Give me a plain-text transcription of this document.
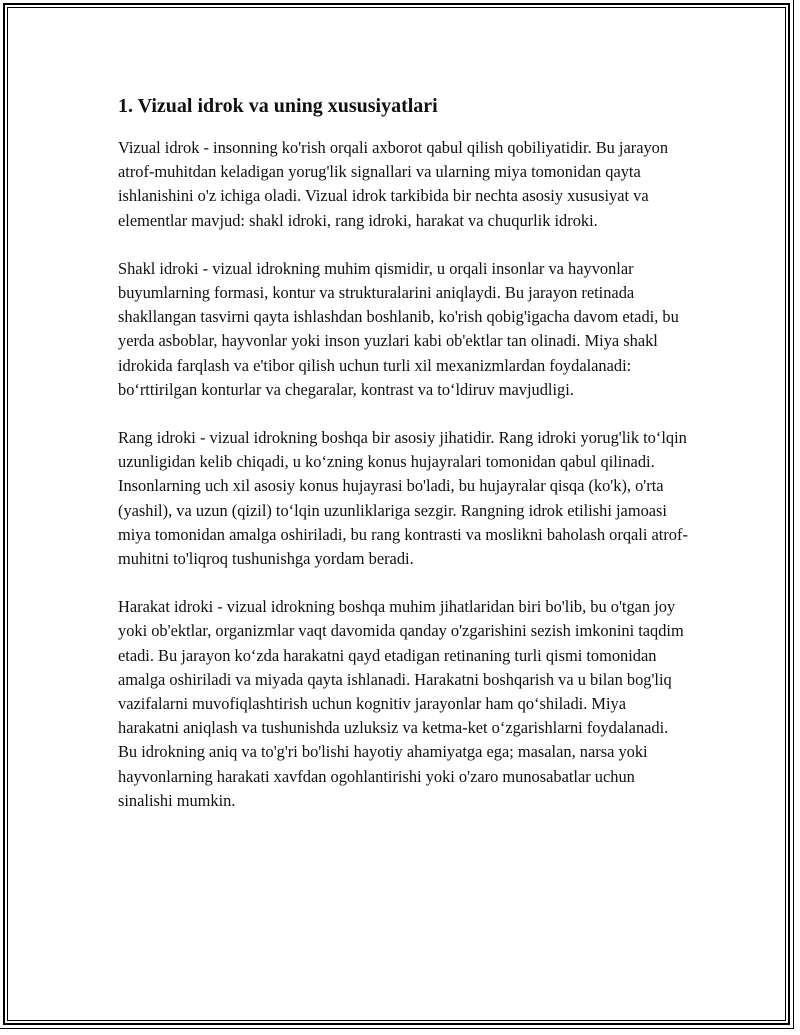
1. Vizual idrok va uning xususiyatlari

Vizual idrok - insonning ko'rish orqali axborot qabul qilish qobiliyatidir. Bu jarayon atrof-muhitdan keladigan yorug'lik signallari va ularning miya tomonidan qayta ishlanishini o'z ichiga oladi. Vizual idrok tarkibida bir nechta asosiy xususiyat va elementlar mavjud: shakl idroki, rang idroki, harakat va chuqurlik idroki.

Shakl idroki - vizual idrokning muhim qismidir, u orqali insonlar va hayvonlar buyumlarning formasi, kontur va strukturalarini aniqlaydi. Bu jarayon retinada shakllangan tasvirni qayta ishlashdan boshlanib, ko'rish qobig'igacha davom etadi, bu yerda asboblar, hayvonlar yoki inson yuzlari kabi ob'ektlar tan olinadi. Miya shakl idrokida farqlash va e'tibor qilish uchun turli xil mexanizmlardan foydalanadi: boʻrttirilgan konturlar va chegaralar, kontrast va toʻldiruv mavjudligi.

Rang idroki - vizual idrokning boshqa bir asosiy jihatidir. Rang idroki yorug'lik toʻlqin uzunligidan kelib chiqadi, u koʻzning konus hujayralari tomonidan qabul qilinadi. Insonlarning uch xil asosiy konus hujayrasi bo'ladi, bu hujayralar qisqa (ko'k), o'rta (yashil), va uzun (qizil) toʻlqin uzunliklariga sezgir. Rangning idrok etilishi jamoasi miya tomonidan amalga oshiriladi, bu rang kontrasti va moslikni baholash orqali atrof-muhitni to'liqroq tushunishga yordam beradi.

Harakat idroki - vizual idrokning boshqa muhim jihatlaridan biri bo'lib, bu o'tgan joy yoki ob'ektlar, organizmlar vaqt davomida qanday o'zgarishini sezish imkonini taqdim etadi. Bu jarayon koʻzda harakatni qayd etadigan retinaning turli qismi tomonidan amalga oshiriladi va miyada qayta ishlanadi. Harakatni boshqarish va u bilan bog'liq vazifalarni muvofiqlashtirish uchun kognitiv jarayonlar ham qoʻshiladi. Miya harakatni aniqlash va tushunishda uzluksiz va ketma-ket oʻzgarishlarni foydalanadi. Bu idrokning aniq va to'g'ri bo'lishi hayotiy ahamiyatga ega; masalan, narsa yoki hayvonlarning harakati xavfdan ogohlantirishi yoki o'zaro munosabatlar uchun sinalishi mumkin.
